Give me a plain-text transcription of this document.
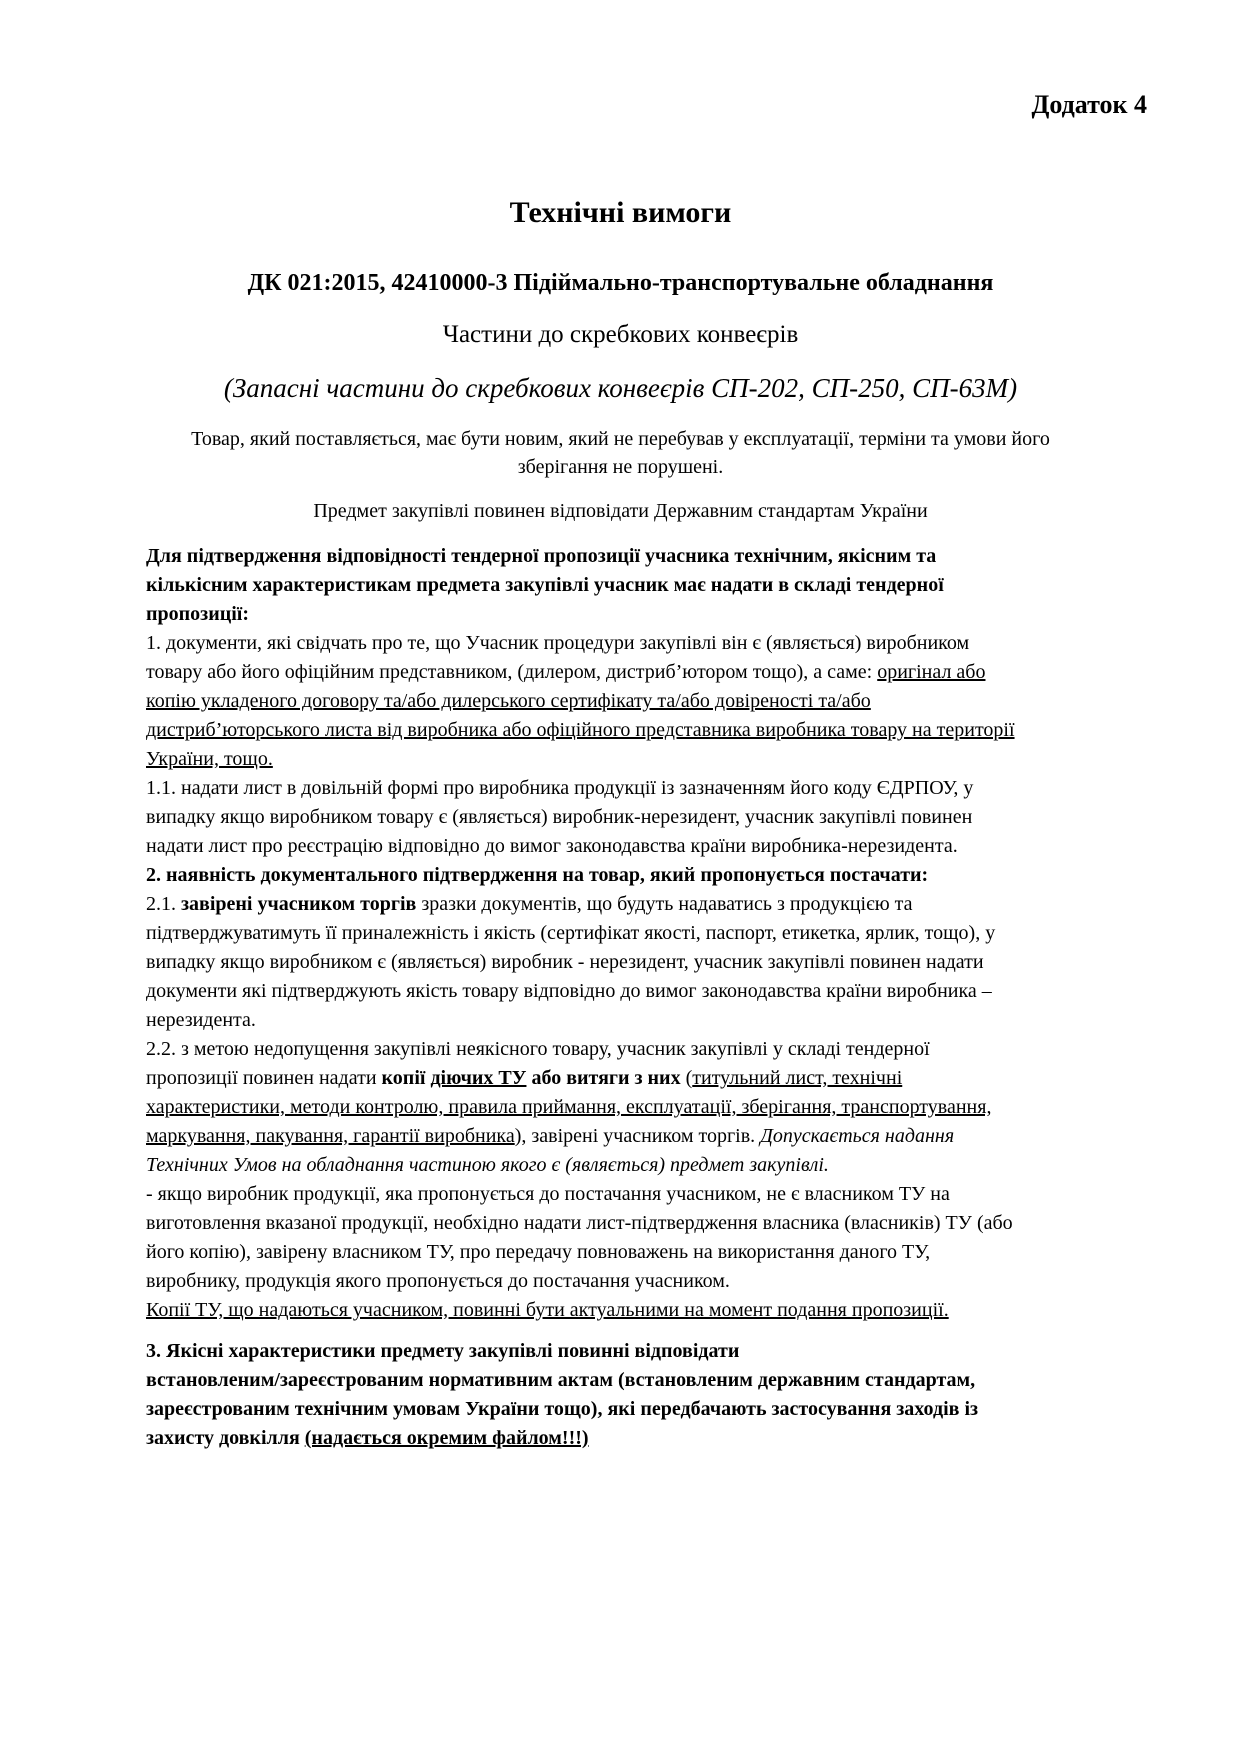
Додаток 4
Технічні вимоги
ДК 021:2015, 42410000-3 Підіймально-транспортувальне обладнання
Частини до скребкових конвеєрів
(Запасні частини до скребкових конвеєрів СП-202, СП-250, СП-63М)
Товар, який поставляється, має бути новим, який не перебував у експлуатації, терміни та умови його
зберігання не порушені.
Предмет закупівлі повинен відповідати Державним стандартам України

Для підтвердження відповідності тендерної пропозиції учасника технічним, якісним та
кількісним характеристикам предмета закупівлі учасник має надати в складі тендерної
пропозиції:

1. документи, які свідчать про те, що Учасник процедури закупівлі він є (являється) виробником
товару або його офіційним представником, (дилером, дистриб’ютором тощо), а саме: оригінал або
копію укладеного договору та/або дилерського сертифікату та/або довіреності та/або
дистриб’юторського листа від виробника або офіційного представника виробника товару на території
України, тощо.

1.1. надати лист в довільній формі про виробника продукції із зазначенням його коду ЄДРПОУ, у
випадку якщо виробником товару є (являється) виробник-нерезидент, учасник закупівлі повинен
надати лист про реєстрацію відповідно до вимог законодавства країни виробника-нерезидента.

2. наявність документального підтвердження на товар, який пропонується постачати:

2.1. завірені учасником торгів зразки документів, що будуть надаватись з продукцією та
підтверджуватимуть її приналежність і якість (сертифікат якості, паспорт, етикетка, ярлик, тощо), у
випадку якщо виробником є (являється) виробник - нерезидент, учасник закупівлі повинен надати
документи які підтверджують якість товару відповідно до вимог законодавства країни виробника –
нерезидента.

2.2. з метою недопущення закупівлі неякісного товару, учасник закупівлі у складі тендерної
пропозиції повинен надати копії діючих ТУ або витяги з них (титульний лист, технічні
характеристики, методи контролю, правила приймання, експлуатації, зберігання, транспортування,
маркування, пакування, гарантії виробника), завірені учасником торгів. Допускається надання
Технічних Умов на обладнання частиною якого є (являється) предмет закупівлі.

- якщо виробник продукції, яка пропонується до постачання учасником, не є власником ТУ на
виготовлення вказаної продукції, необхідно надати лист-підтвердження власника (власників) ТУ (або
його копію), завірену власником ТУ, про передачу повноважень на використання даного ТУ,
виробнику, продукція якого пропонується до постачання учасником.

Копії ТУ, що надаються учасником, повинні бути актуальними на момент подання пропозиції.

3. Якісні характеристики предмету закупівлі повинні відповідати
встановленим/зареєстрованим нормативним актам (встановленим державним стандартам,
зареєстрованим технічним умовам України тощо), які передбачають застосування заходів із
захисту довкілля (надається окремим файлом!!!)
